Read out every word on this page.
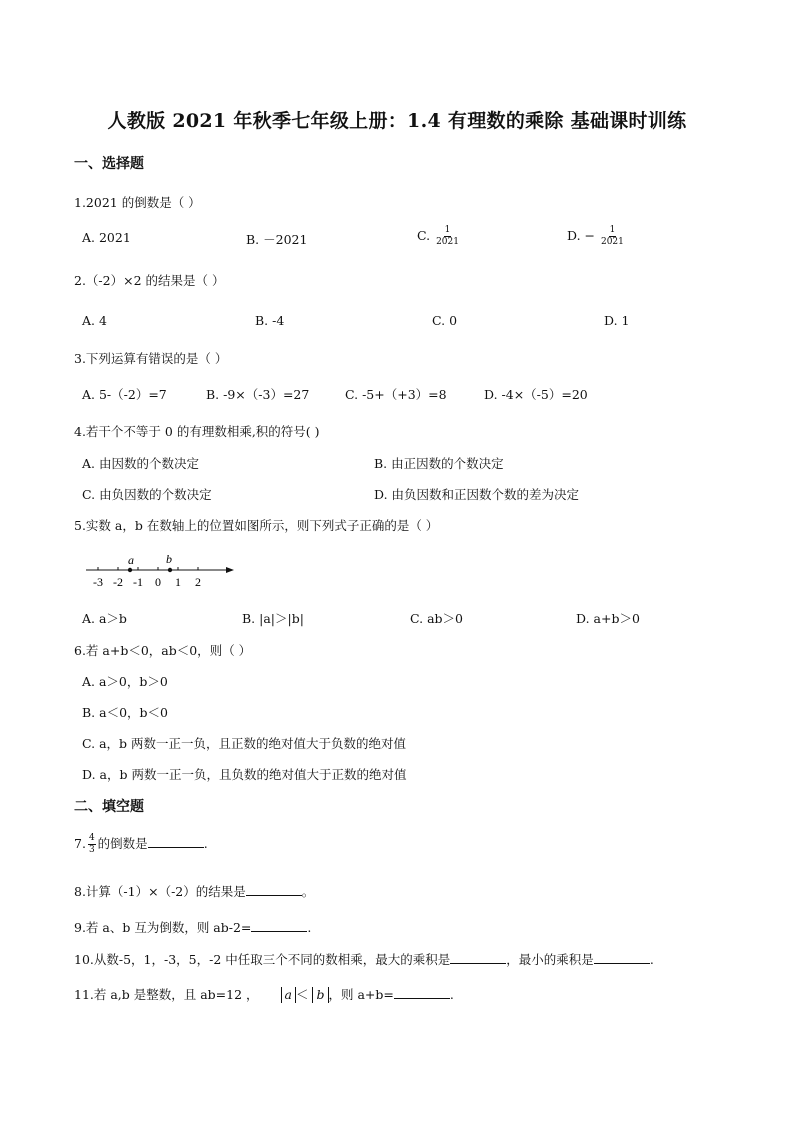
人教版 2021 年秋季七年级上册：1.4 有理数的乘除 基础课时训练
一、选择题
1.2021 的倒数是（ ）
A. 2021	B. －2021	C. $\frac{1}{2021}$	D. − $\frac{1}{2021}$
2.（-2）×2 的结果是（ ）
A. 4	B. -4	C. 0	D. 1
3.下列运算有错误的是（ ）
A. 5-（-2）=7	B. -9×（-3）=27	C. -5+（+3）=8	D. -4×（-5）=20
4.若干个不等于 0 的有理数相乘,积的符号( )
A. 由因数的个数决定	B. 由正因数的个数决定
C. 由负因数的个数决定	D. 由负因数和正因数个数的差为决定
5.实数 a，b 在数轴上的位置如图所示，则下列式子正确的是（ ）
-3 -2 -1 0 1 2
a	b
A. a＞b	B. |a|＞|b|	C. ab＞0	D. a+b＞0
6.若 a+b＜0，ab＜0，则（ ）
A. a＞0，b＞0
B. a＜0，b＜0
C. a，b 两数一正一负，且正数的绝对值大于负数的绝对值
D. a，b 两数一正一负，且负数的绝对值大于正数的绝对值
二、填空题
7. $\frac{4}{3}$ 的倒数是	.
8.计算（-1）×（-2）的结果是	。
9.若 a、b 互为倒数，则 ab-2=	.
10.从数-5，1，-3，5，-2 中任取三个不同的数相乘，最大的乘积是	，最小的乘积是	.
11.若 a,b 是整数，且 ab=12 ， a ＜ b ，则 a+b=	.
